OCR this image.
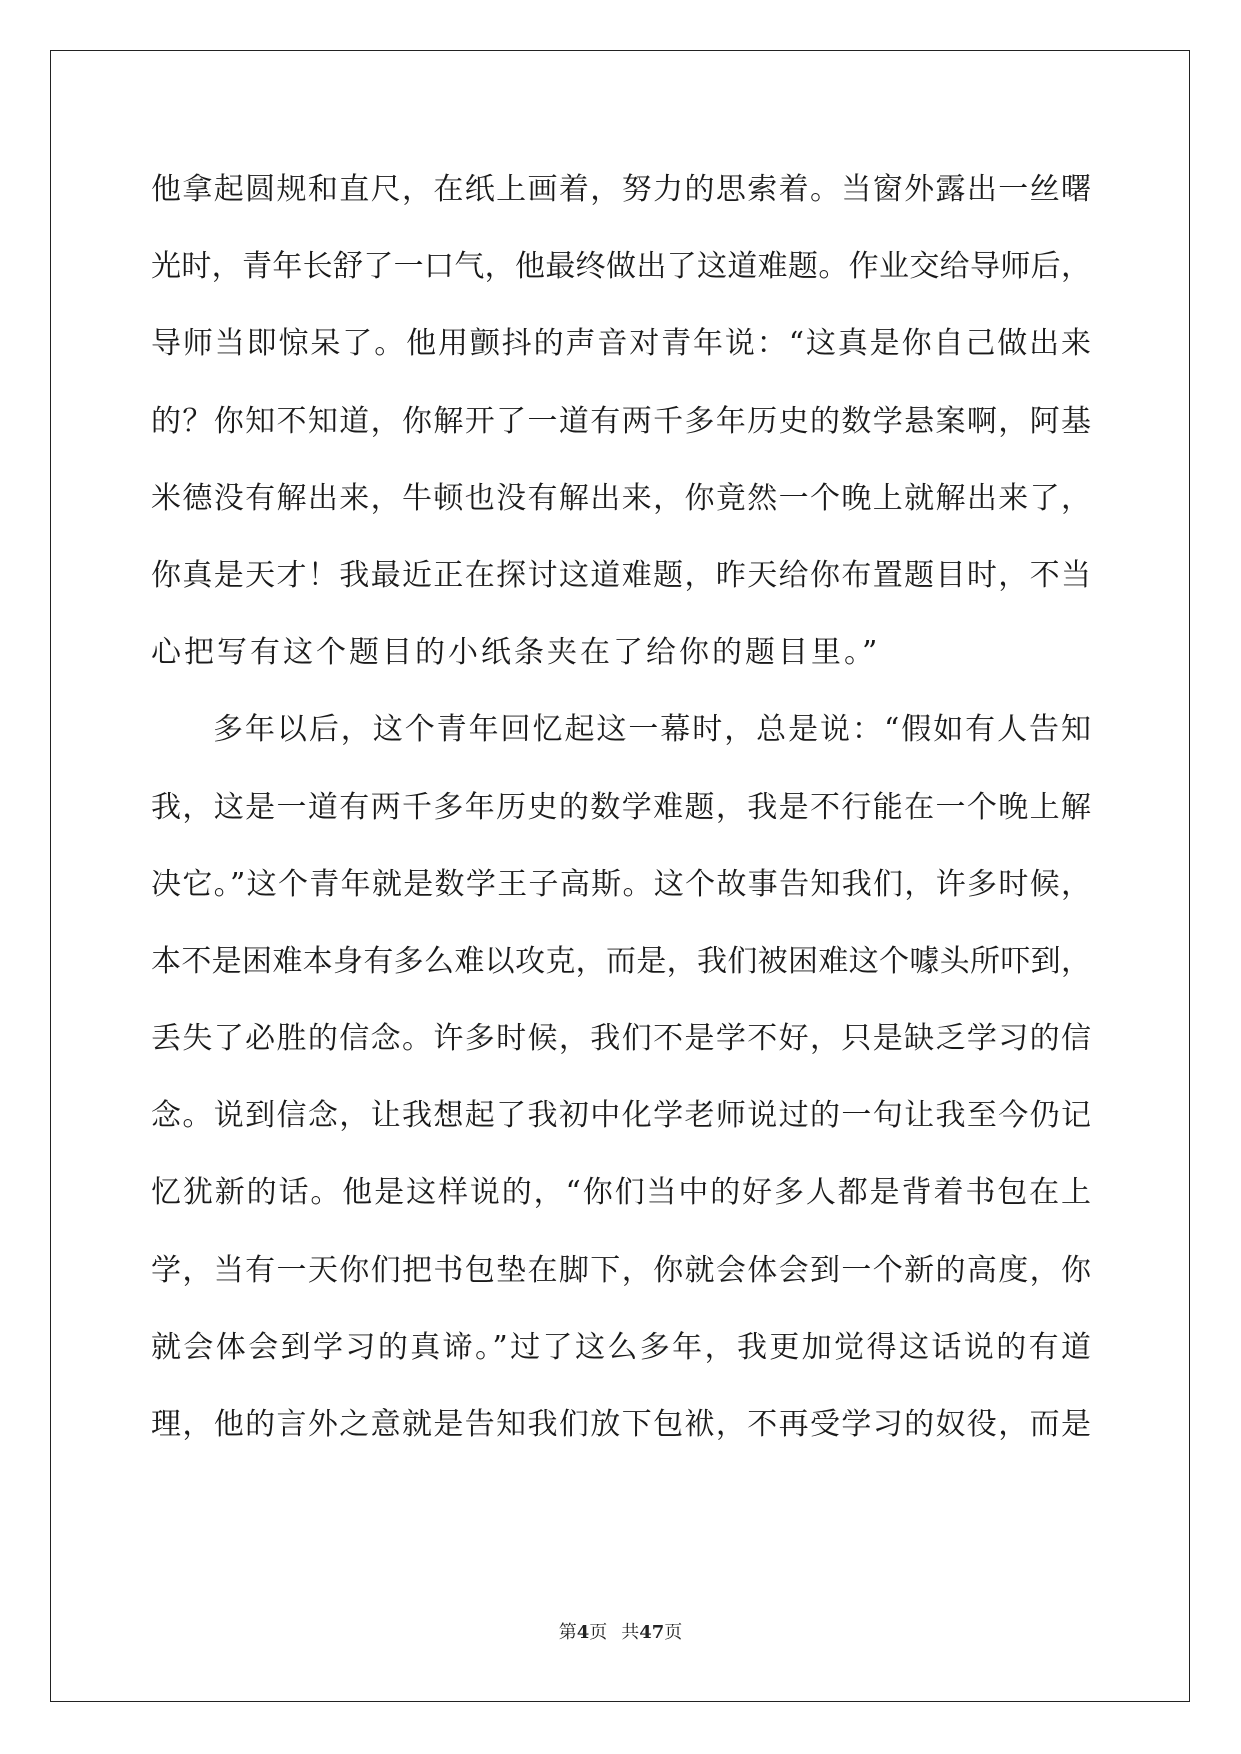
他拿起圆规和直尺，在纸上画着，努力的思索着。当窗外露出一丝曙
光时，青年长舒了一口气，他最终做出了这道难题。作业交给导师后，
导师当即惊呆了。他用颤抖的声音对青年说：“这真是你自己做出来
的？你知不知道，你解开了一道有两千多年历史的数学悬案啊，阿基
米德没有解出来，牛顿也没有解出来，你竟然一个晚上就解出来了，
你真是天才！我最近正在探讨这道难题，昨天给你布置题目时，不当
心把写有这个题目的小纸条夹在了给你的题目里。”
多年以后，这个青年回忆起这一幕时，总是说：“假如有人告知
我，这是一道有两千多年历史的数学难题，我是不行能在一个晚上解
决它。”这个青年就是数学王子高斯。这个故事告知我们，许多时候，
本不是困难本身有多么难以攻克，而是，我们被困难这个噱头所吓到，
丢失了必胜的信念。许多时候，我们不是学不好，只是缺乏学习的信
念。说到信念，让我想起了我初中化学老师说过的一句让我至今仍记
忆犹新的话。他是这样说的，“你们当中的好多人都是背着书包在上
学，当有一天你们把书包垫在脚下，你就会体会到一个新的高度，你
就会体会到学习的真谛。”过了这么多年，我更加觉得这话说的有道
理，他的言外之意就是告知我们放下包袱，不再受学习的奴役，而是
第4页 共47页
